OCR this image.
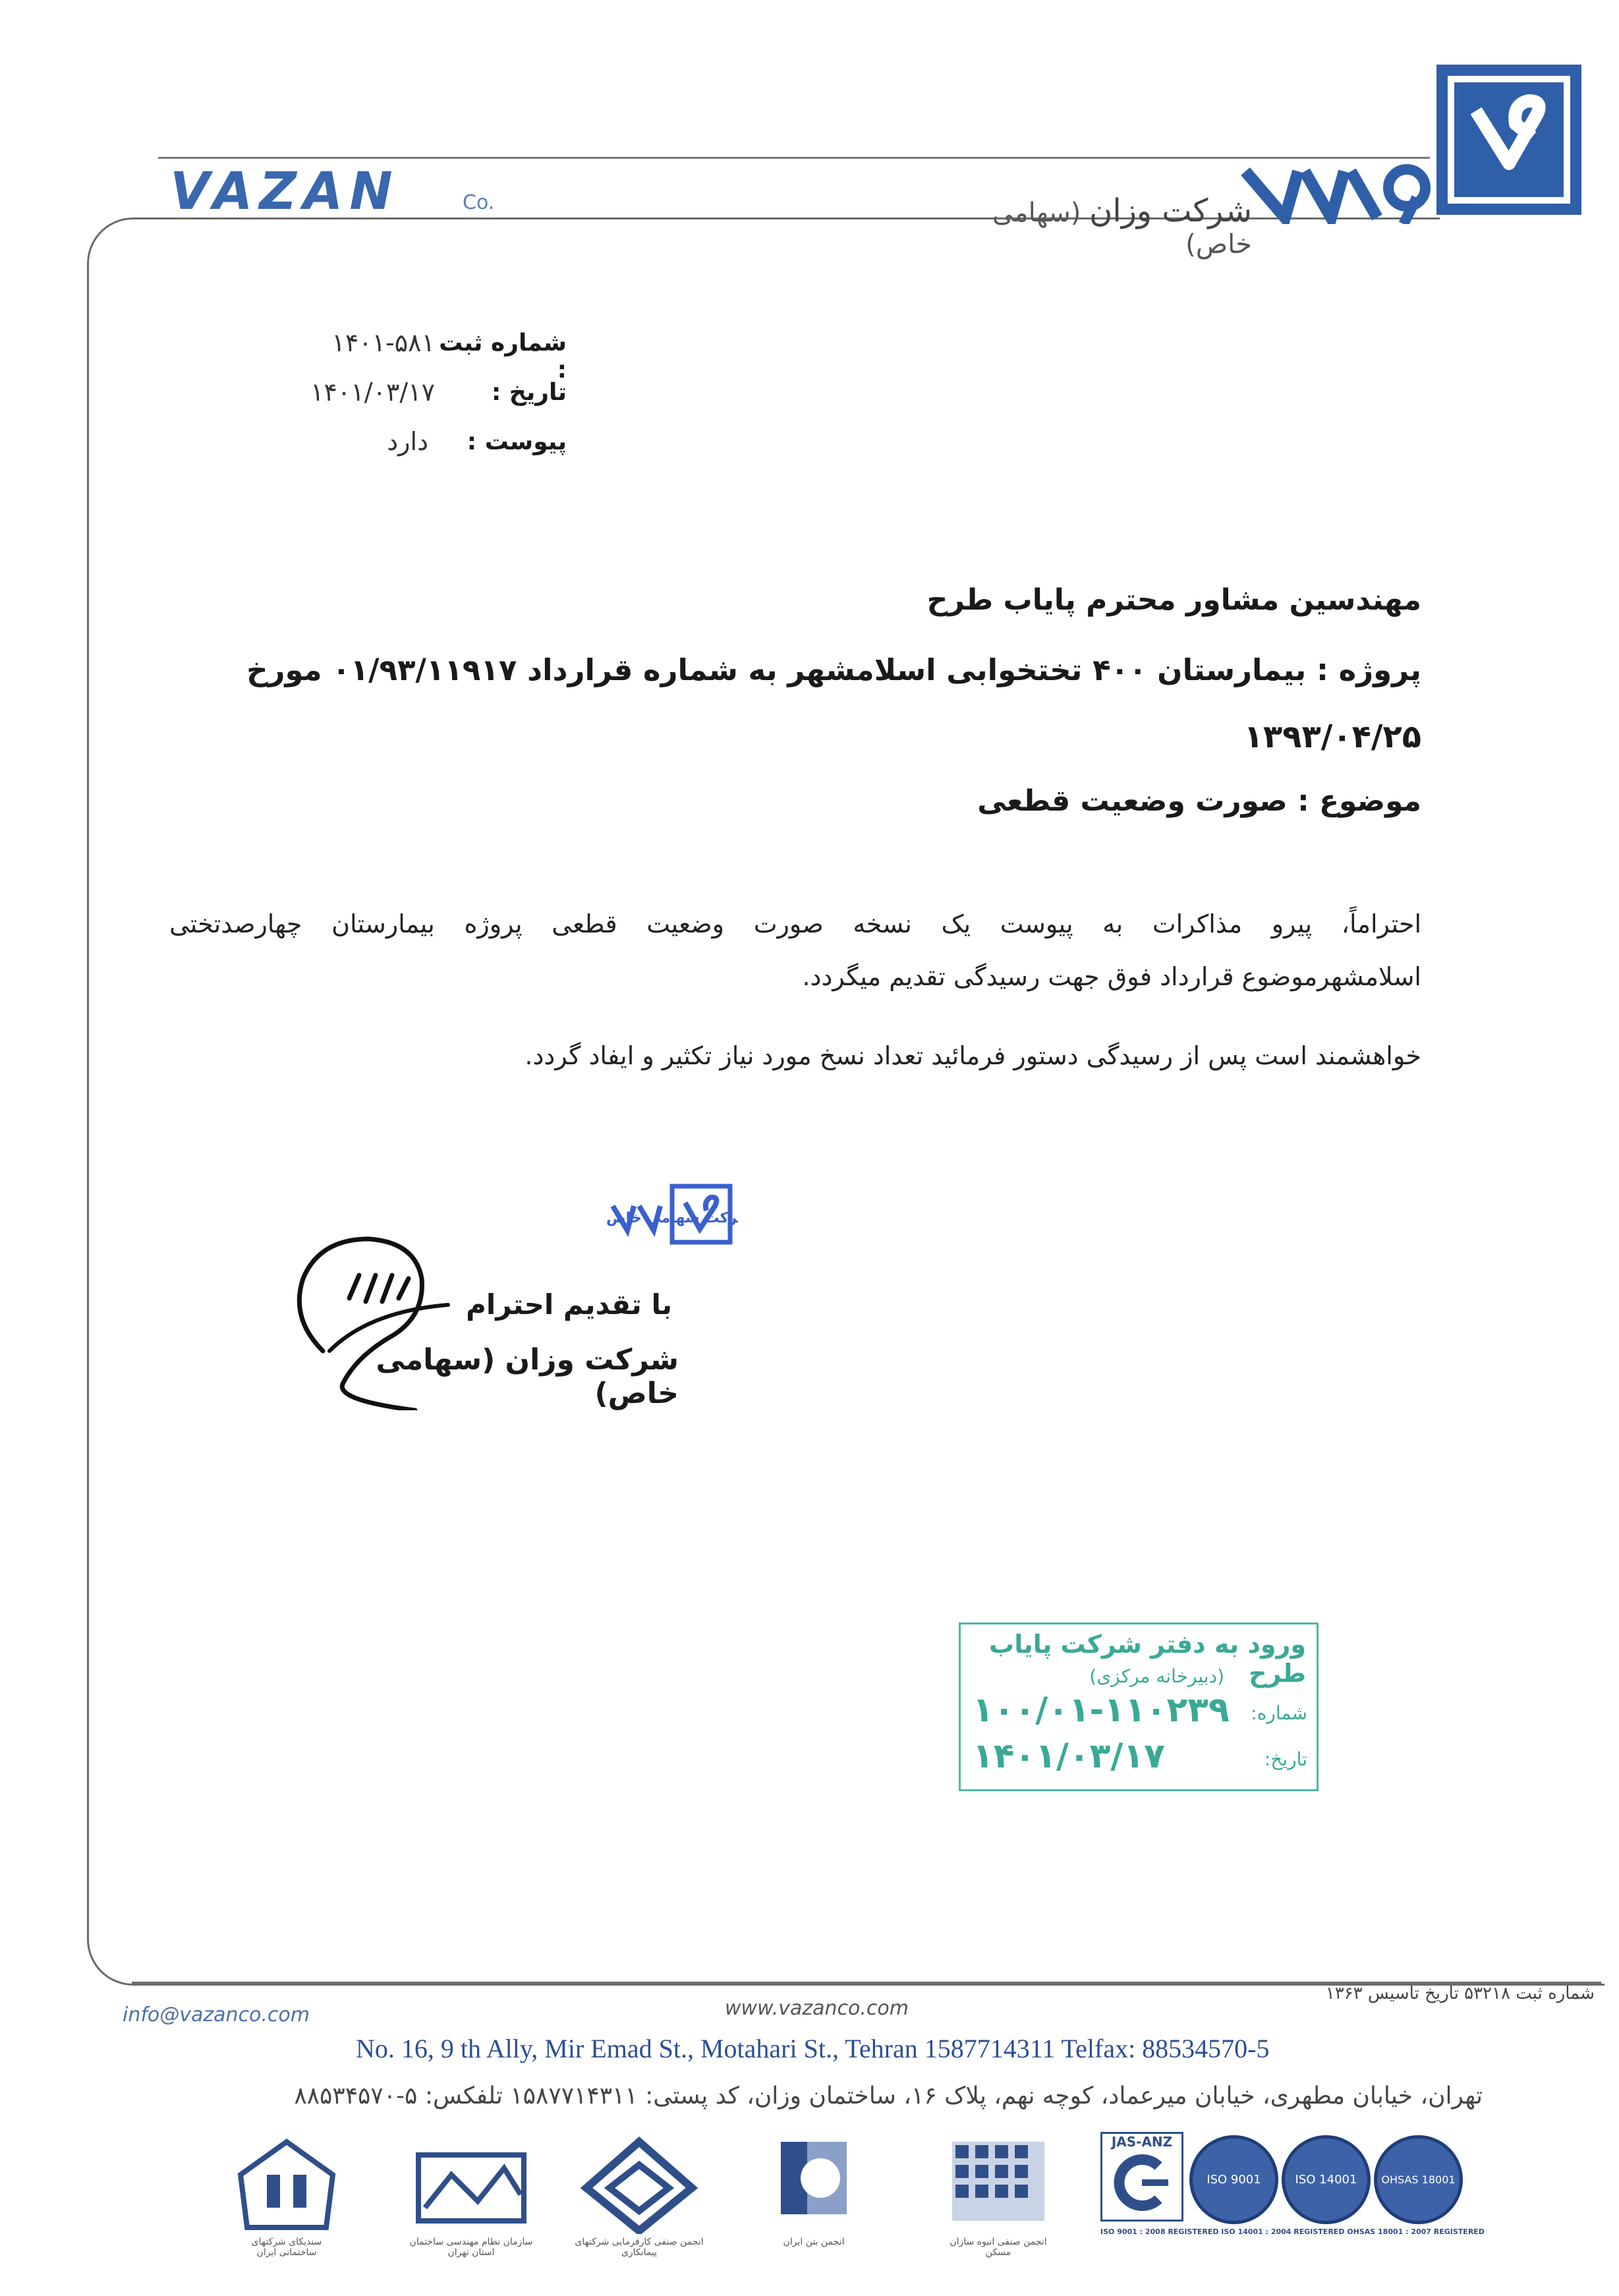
VAZAN	Co.	شرکت وزان (سهامی خاص)
شماره ثبت :
۱۴۰۱-۵۸۱
تاریخ :
۱۴۰۱/۰۳/۱۷
پیوست :
دارد
مهندسین مشاور محترم پایاب طرح
پروژه : بیمارستان ۴۰۰ تختخوابی اسلامشهر به شماره قرارداد ۰۱/۹۳/۱۱۹۱۷ مورخ
۱۳۹۳/۰۴/۲۵
موضوع : صورت وضعیت قطعی
احتراماً، پیرو مذاکرات به پیوست یک نسخه صورت وضعیت قطعی پروژه بیمارستان چهارصدتختی
اسلامشهرموضوع قرارداد فوق جهت رسیدگی تقدیم میگردد.
خواهشمند است پس از رسیدگی دستور فرمائید تعداد نسخ مورد نیاز تکثیر و ایفاد گردد.
شرکت سهامی خاص
با تقدیم احترام
شرکت وزان (سهامی خاص)
ورود به دفتر شرکت پایاب طرح
(دبیرخانه مرکزی)
شماره:
۱۰۰/۰۱-۱۱۰۲۳۹
تاریخ:
۱۴۰۱/۰۳/۱۷
info@vazanco.com	www.vazanco.com
شماره ثبت ۵۳۲۱۸ تاریخ تاسیس ۱۳۶۳
No. 16, 9 th Ally, Mir Emad St., Motahari St., Tehran 1587714311 Telfax: 88534570-5
تهران، خیابان مطهری، خیابان میرعماد، کوچه نهم، پلاک ۱۶، ساختمان وزان، کد پستی: ۱۵۸۷۷۱۴۳۱۱ تلفکس: ۵-۸۸۵۳۴۵۷۰
سندیکای شرکتهای ساختمانی ایران
سازمان نظام مهندسی ساختمان استان تهران
انجمن صنفی کارفرمایی شرکتهای پیمانکاری
انجمن بتن ایران	انجمن صنفی انبوه سازان مسکن
JAS-ANZ
ISO 9001	ISO 14001	OHSAS 18001
ISO 9001 : 2008 REGISTERED ISO 14001 : 2004 REGISTERED OHSAS 18001 : 2007 REGISTERED
